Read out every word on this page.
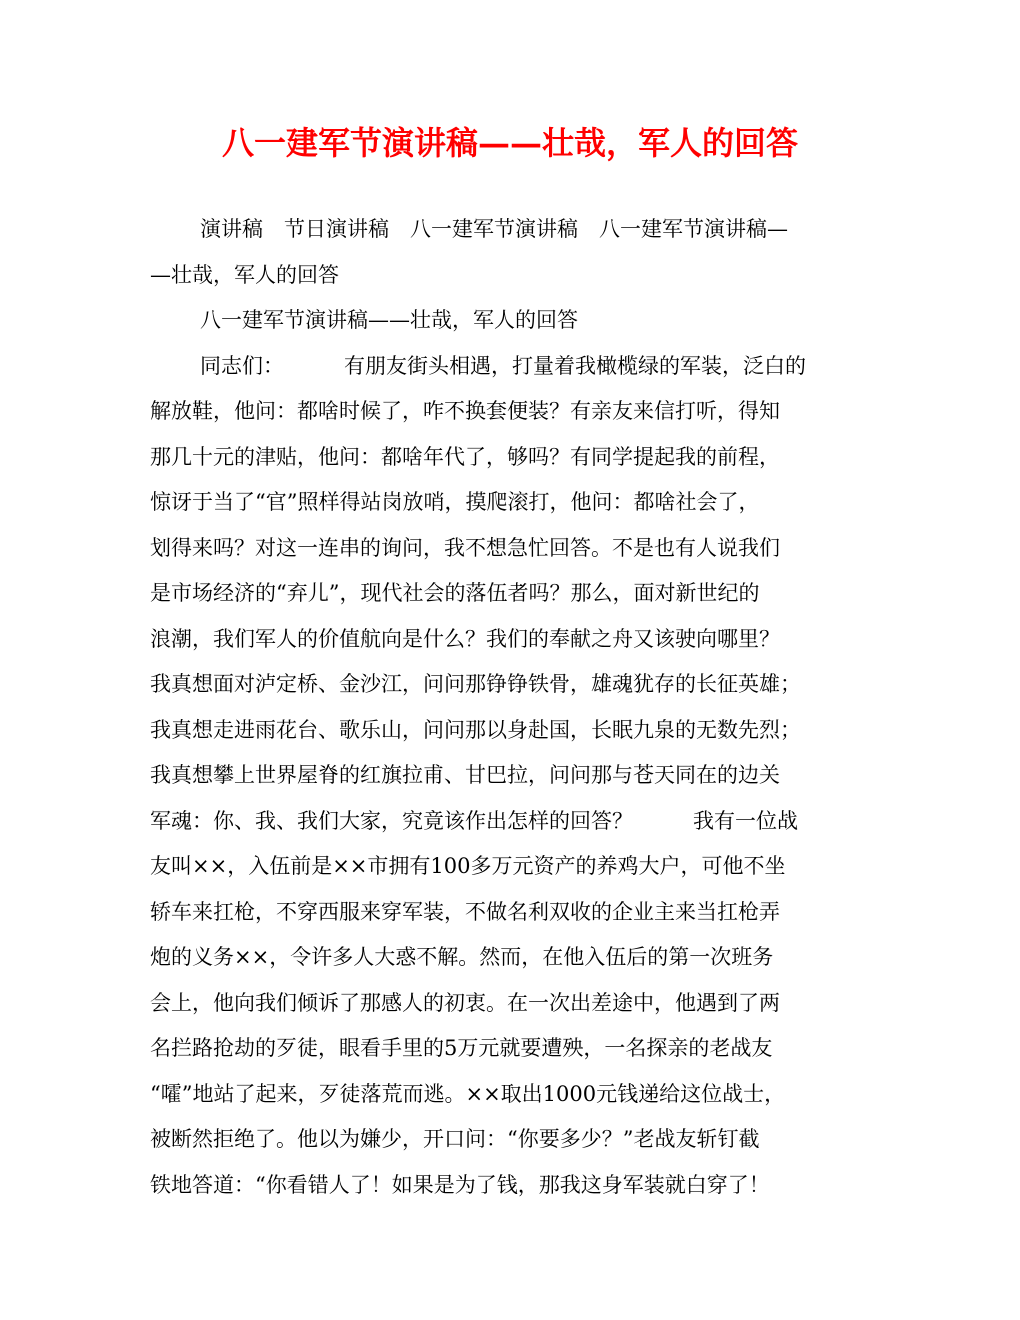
八一建军节演讲稿——壮哉，军人的回答
演讲稿　节日演讲稿　八一建军节演讲稿　八一建军节演讲稿—
—壮哉，军人的回答
八一建军节演讲稿——壮哉，军人的回答
同志们：	有朋友街头相遇，打量着我橄榄绿的军装，泛白的
解放鞋，他问：都啥时候了，咋不换套便装？有亲友来信打听，得知
那几十元的津贴，他问：都啥年代了，够吗？有同学提起我的前程，
惊讶于当了“官”照样得站岗放哨，摸爬滚打，他问：都啥社会了，
划得来吗？对这一连串的询问，我不想急忙回答。不是也有人说我们
是市场经济的“弃儿”，现代社会的落伍者吗？那么，面对新世纪的
浪潮，我们军人的价值航向是什么？我们的奉献之舟又该驶向哪里？
我真想面对泸定桥、金沙江，问问那铮铮铁骨，雄魂犹存的长征英雄；
我真想走进雨花台、歌乐山，问问那以身赴国，长眠九泉的无数先烈；
我真想攀上世界屋脊的红旗拉甫、甘巴拉，问问那与苍天同在的边关
军魂：你、我、我们大家，究竟该作出怎样的回答？	我有一位战
友叫××，入伍前是××市拥有100多万元资产的养鸡大户，可他不坐
轿车来扛枪，不穿西服来穿军装，不做名利双收的企业主来当扛枪弄
炮的义务××，令许多人大惑不解。然而，在他入伍后的第一次班务
会上，他向我们倾诉了那感人的初衷。在一次出差途中，他遇到了两
名拦路抢劫的歹徒，眼看手里的5万元就要遭殃，一名探亲的老战友
“嚯”地站了起来，歹徒落荒而逃。××取出1000元钱递给这位战士，
被断然拒绝了。他以为嫌少，开口问：“你要多少？”老战友斩钉截
铁地答道：“你看错人了！如果是为了钱，那我这身军装就白穿了！
